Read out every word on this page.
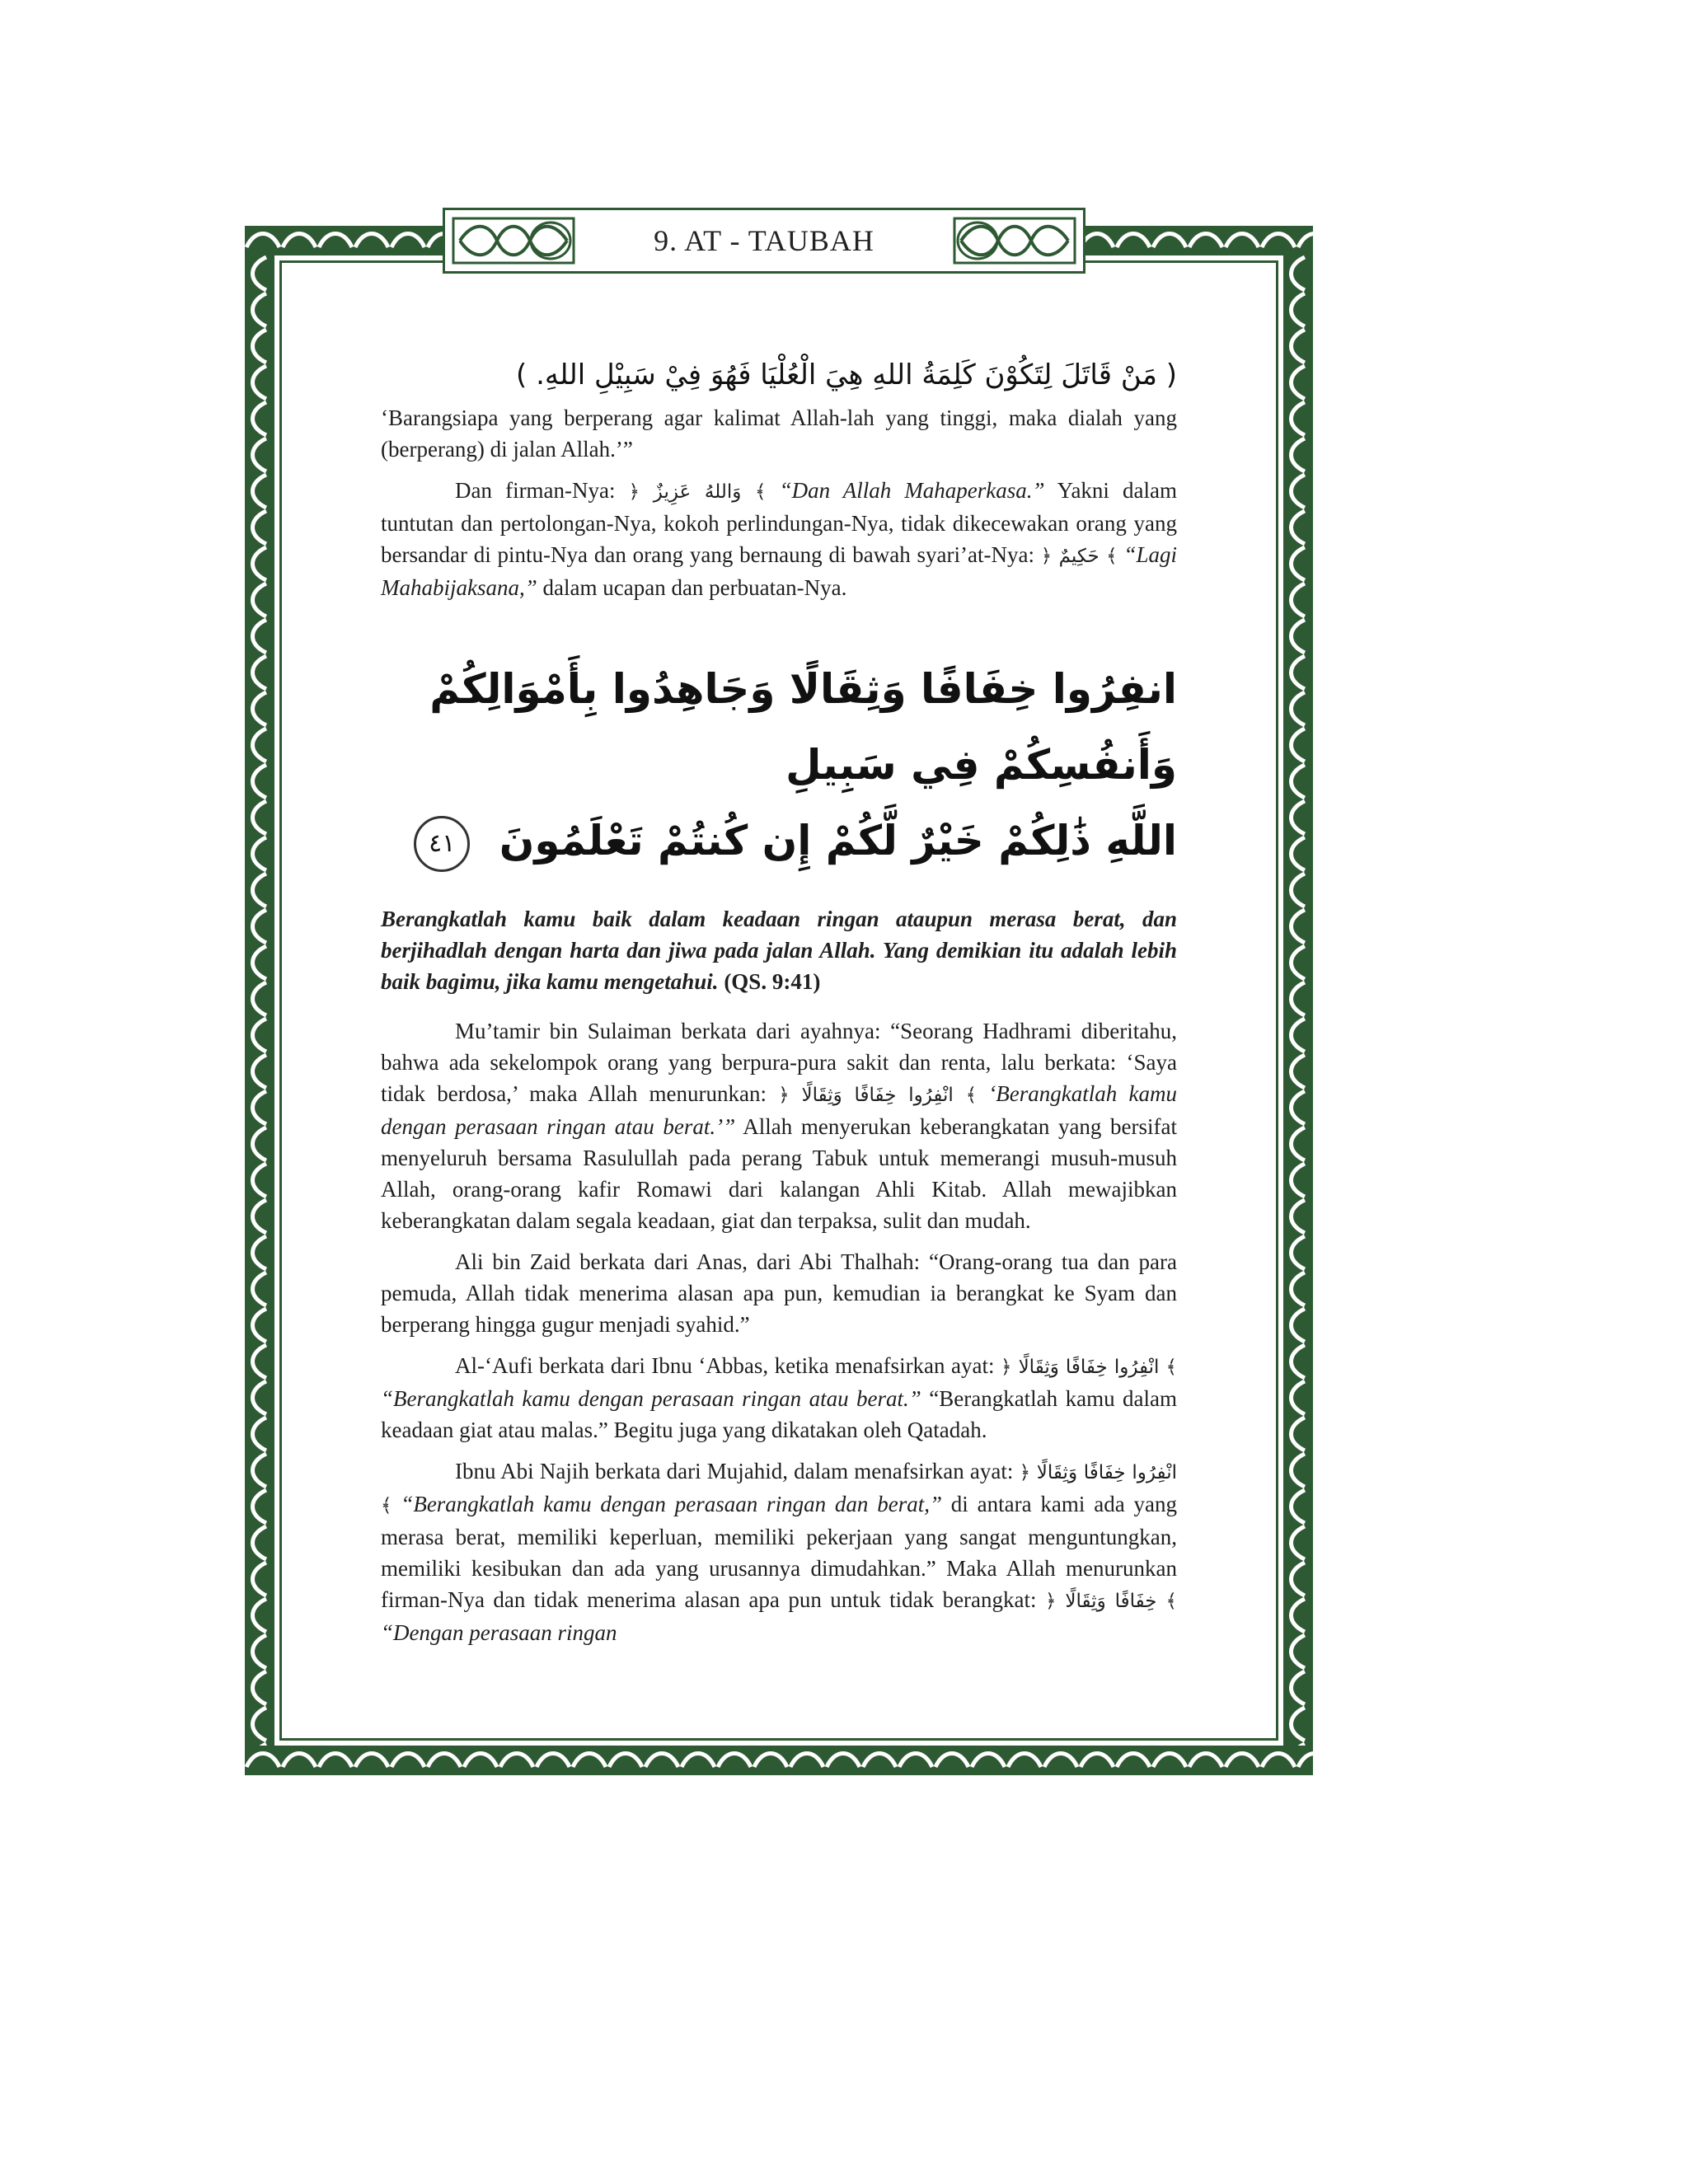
9. AT - TAUBAH
( مَنْ قَاتَلَ لِتَكُوْنَ كَلِمَةُ اللهِ هِيَ الْعُلْيَا فَهُوَ فِيْ سَبِيْلِ اللهِ. )

‘Barangsiapa yang berperang agar kalimat Allah-lah yang tinggi, maka dialah yang (berperang) di jalan Allah.’”

Dan firman-Nya: ﴿ وَاللهُ عَزِيزٌ ﴾ “Dan Allah Mahaperkasa.” Yakni dalam tuntutan dan pertolongan-Nya, kokoh perlindungan-Nya, tidak dikecewakan orang yang bersandar di pintu-Nya dan orang yang bernaung di bawah syari’at-Nya: ﴿ حَكِيمٌ ﴾ “Lagi Mahabijaksana,” dalam ucapan dan perbuatan-Nya.

انفِرُوا خِفَافًا وَثِقَالًا وَجَاهِدُوا بِأَمْوَالِكُمْ وَأَنفُسِكُمْ فِي سَبِيلِ
اللَّهِ ذَٰلِكُمْ خَيْرٌ لَّكُمْ إِن كُنتُمْ تَعْلَمُونَ ٤١

Berangkatlah kamu baik dalam keadaan ringan ataupun merasa berat, dan berjihadlah dengan harta dan jiwa pada jalan Allah. Yang demikian itu adalah lebih baik bagimu, jika kamu mengetahui. (QS. 9:41)

Mu’tamir bin Sulaiman berkata dari ayahnya: “Seorang Hadhrami diberitahu, bahwa ada sekelompok orang yang berpura-pura sakit dan renta, lalu berkata: ‘Saya tidak berdosa,’ maka Allah menurunkan: ﴿ انْفِرُوا خِفَافًا وَثِقَالًا ﴾ ‘Berangkatlah kamu dengan perasaan ringan atau berat.’” Allah menyerukan keberangkatan yang bersifat menyeluruh bersama Rasulullah pada perang Tabuk untuk memerangi musuh-musuh Allah, orang-orang kafir Romawi dari kalangan Ahli Kitab. Allah mewajibkan keberangkatan dalam segala keadaan, giat dan terpaksa, sulit dan mudah.

Ali bin Zaid berkata dari Anas, dari Abi Thalhah: “Orang-orang tua dan para pemuda, Allah tidak menerima alasan apa pun, kemudian ia berangkat ke Syam dan berperang hingga gugur menjadi syahid.”

Al-‘Aufi berkata dari Ibnu ‘Abbas, ketika menafsirkan ayat: ﴿ انْفِرُوا خِفَافًا وَثِقَالًا ﴾ “Berangkatlah kamu dengan perasaan ringan atau berat.” “Berangkatlah kamu dalam keadaan giat atau malas.” Begitu juga yang dikatakan oleh Qatadah.

Ibnu Abi Najih berkata dari Mujahid, dalam menafsirkan ayat: ﴿ انْفِرُوا خِفَافًا وَثِقَالًا ﴾ “Berangkatlah kamu dengan perasaan ringan dan berat,” di antara kami ada yang merasa berat, memiliki keperluan, memiliki pekerjaan yang sangat menguntungkan, memiliki kesibukan dan ada yang urusannya dimudahkan.” Maka Allah menurunkan firman-Nya dan tidak menerima alasan apa pun untuk tidak berangkat: ﴿ خِفَافًا وَثِقَالًا ﴾ “Dengan perasaan ringan
